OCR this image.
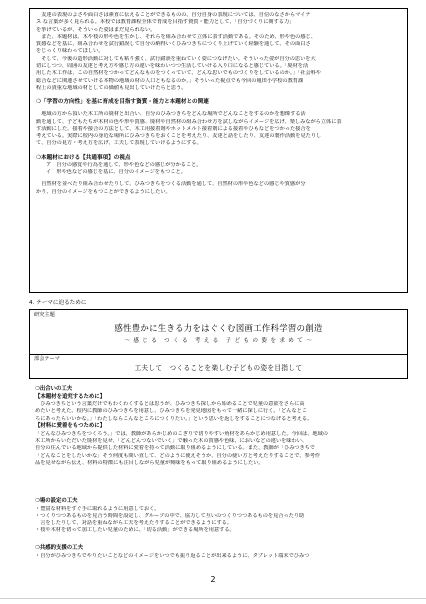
　友達の表現のよさや面白さは素直に伝えることができるものの、自分自身の表現については、自信のなさからマイナ
ス な言葉が多く見られる。本校では教育課程全体で育成を目指す資質・能力として、「自分づくりに関する力」
を挙げているが、そういった姿はまだ見られない。
　また、本題材は、木や枝の形や色を生かし、それらを組み合わせて立体に表す活動である。そのため、形や色の感じ、
質感などを基に、組み合わせを試行錯誤して自分の納得いくひみつきちにつくり上げていく経験を通して、その面白さ
をじっくり味わってほしい。
　そして、今後の造形活動に対しても粘り強く、試行錯誤を重ねていく姿につなげたい。そういった姿が自分の思いを大
切にしつつ、周囲の友達と考え方や感じ方の違いを味わいつつ生活していける入り口になると感じている。「廃材を活
用した木工作は、この自然材をつかってどんなものをつくっていて、どんな思いでものづくりをしているのか。」「社会科や
総合などに関連させていける本物の地域の材の人口ともなるのか。」そういった視点でも今回の亀田小学校の教育課
程上の貴重な地域の材としての価値も見出していけたらと思う。
❍「学習の方向性」を基に育成を目指す資質・能力と本題材との関連
　地域の方から頂いた木工所の廃材と出合い、自分のひみつきちをどんな場所でどんなことをするのかを想像する活
動を通して、子どもたちが木材の色や形や質感、廃材や自然材の組み合わせ方を試しながらイメージを広げ、楽しみながら立体に表
す活動にした。接着や接合の方法として、木工用接着剤やホットメルト接着剤による接着やひもなどをつかった接合を
考えている。実際に校内の身近な場所にひみつきちをおくことを考えたり、友達と話をしたり、友達の製作活動を見たりし
て、自分の見方・考え方を広げ、工夫して表現していけるようにする。
❍本題材における【共通事項】の視点
ア　自分の感覚や行為を通して、形や色などの感じが分かること。
イ　形や色などの感じを基に、自分のイメージをもつこと。
　自然材を並べたり組み合わせたりして、ひみつきちをつくる活動を通して、自然材の形や色などの感じや質感が分
かり、自分のイメージをもつことができるようにしたい。
4. テーマに迫るために
研究主題
感性豊かに生きる力をはぐくむ図画工作科学習の創造
～ 感 じ る　つ く る　考 え る　子 ど も の 姿 を 求 め て ～
部会テーマ
工夫して　つくることを楽しむ子どもの姿を目指して
❍出合いの工夫
【本題材を追究するために】
　ひみつきちという言葉だけでもわくわくするとは思うが、ひみつきち探しから始めることで児童の意欲をさらに高
めたいと考えた。校内に教師のひみつきちを用意し、ひみつきちを発見地図をもって一緒に探しに行く。「どんなとこ
ろにあったらいいかな。」「わたしならこんなところにつくりたい。」という思いを返しをすることにつなげると考える。
【材料に愛着をもつために】
「どんなひみつきちをつくろう。」では、教師があらかじめのこぎりで切りやすい角材をあらかじめ用意した。今回は、地域の
木工所からいただいた廃材を見せ、「どんどんつないでいく」で触った木の質感や色味、においなどの違いを味わい、
自分の住んでいる地域から提供した材料に愛着を持って活動に取り組めるようにしている。また、教師が「ひみつきちで
「どんなことをしたいかな」そう何度も問い直して、どのように使えそうか、自分の使い方と考えたりすることで、参考作
品を見せながら伝え、材料の特徴にも注目しながら児童が興味をもって取り組めるようにしたい。
❍場の設定の工夫
・豊富な材料をすぐ手に取れるように用意しておく。
・つくりつつあるものを見合う時間を設定し、グループの中で、協力して互いのつくりつつあるものを見合ったり助
　言をしたりして、対話を重ねながら工夫を考えたりすることができるようにする。
・枝や木材を切って加工したい児童のために、「切る活動」ができる場所を用意する。
❍共感的支援の工夫
・自分がひみつきちでやりたいことなどのイメージをいつでも振り返ることが出来るように、タブレット端末でひみつ
2
